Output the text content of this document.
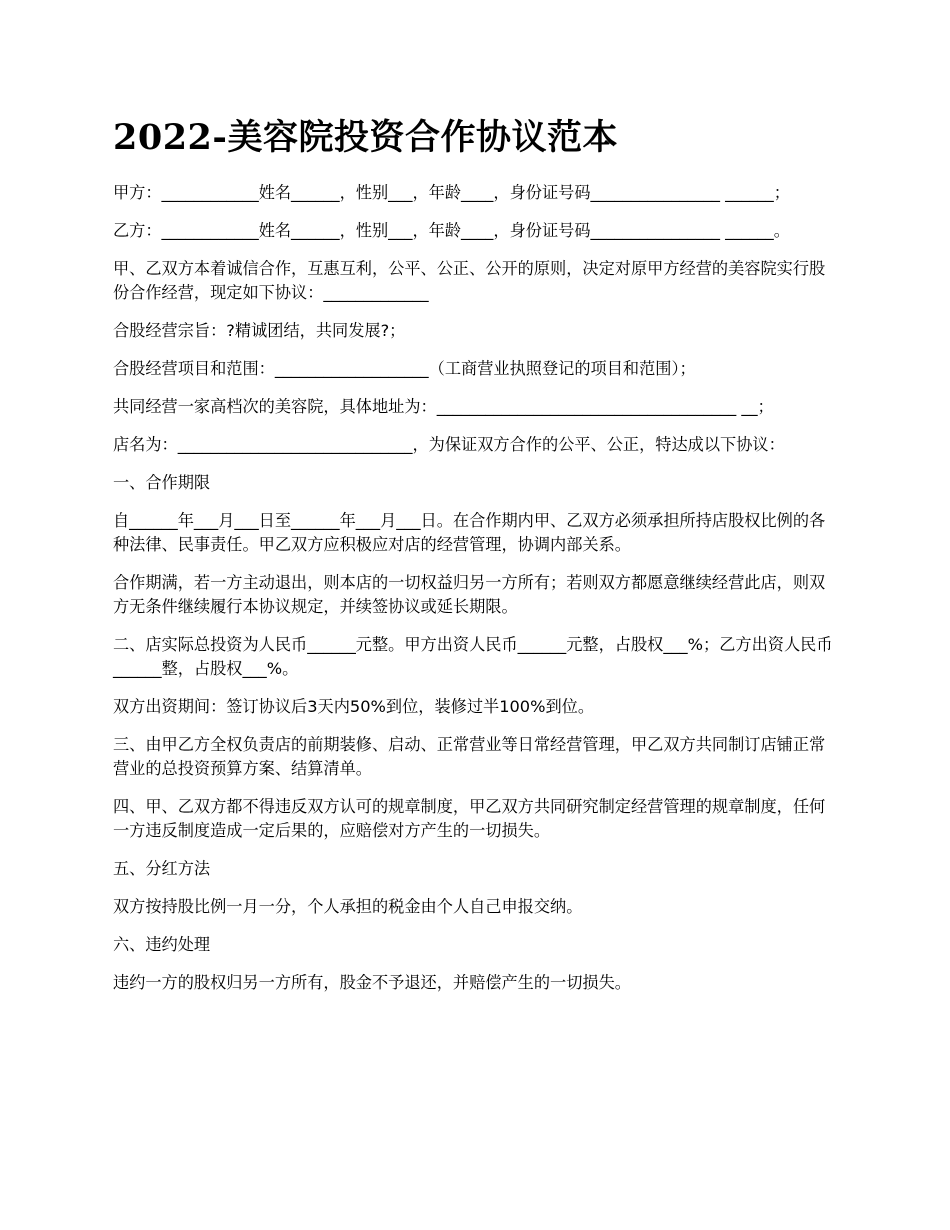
2022-美容院投资合作协议范本

甲方：____________姓名______，性别___，年龄____，身份证号码________________ ______；

乙方：____________姓名______，性别___，年龄____，身份证号码________________ ______。

甲、乙双方本着诚信合作，互惠互利，公平、公正、公开的原则，决定对原甲方经营的美容院实行股份合作经营，现定如下协议：_____________

合股经营宗旨：?精诚团结，共同发展?；

合股经营项目和范围：___________________（工商营业执照登记的项目和范围）；

共同经营一家高档次的美容院，具体地址为：_____________________________________ __；

店名为：_____________________________，为保证双方合作的公平、公正，特达成以下协议：

一、合作期限

自______年___月___日至______年___月___日。在合作期内甲、乙双方必须承担所持店股权比例的各种法律、民事责任。甲乙双方应积极应对店的经营管理，协调内部关系。

合作期满，若一方主动退出，则本店的一切权益归另一方所有；若则双方都愿意继续经营此店，则双方无条件继续履行本协议规定，并续签协议或延长期限。

二、店实际总投资为人民币______元整。甲方出资人民币______元整，占股权___%；乙方出资人民币______整，占股权___%。

双方出资期间：签订协议后3天内50%到位，装修过半100%到位。

三、由甲乙方全权负责店的前期装修、启动、正常营业等日常经营管理，甲乙双方共同制订店铺正常营业的总投资预算方案、结算清单。

四、甲、乙双方都不得违反双方认可的规章制度，甲乙双方共同研究制定经营管理的规章制度，任何一方违反制度造成一定后果的，应赔偿对方产生的一切损失。

五、分红方法

双方按持股比例一月一分，个人承担的税金由个人自己申报交纳。

六、违约处理

违约一方的股权归另一方所有，股金不予退还，并赔偿产生的一切损失。
